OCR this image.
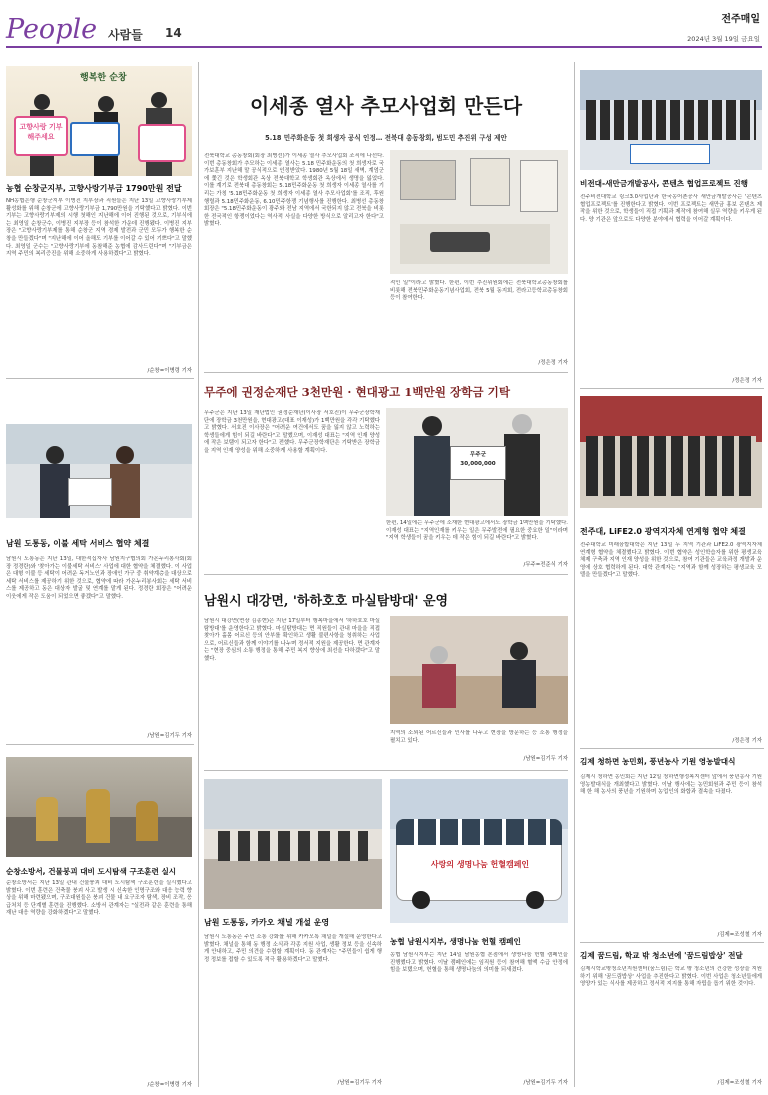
People 사람들 14
전주매일
2024년 3월 19일 금요일
행복한 순창
고향사랑 기부해주세요
농협 순창군지부, 고향사랑기부금 1790만원 전달
NH농협은행 순창군지부 이병진 지부장과 직원들은 지난 13일 고향사랑기부제 활성화를 위해 순창군에 고향사랑기부금 1,790만원을 기탁했다고 밝혔다. 이번 기부는 고향사랑기부제의 시행 첫해인 지난해에 이어 진행된 것으로, 기부식에는 최영일 순창군수, 이병진 지부장 등이 참석한 가운데 진행됐다. 이병진 지부장은 "고향사랑기부제를 통해 순창군 지역 경제 발전과 군민 모두가 행복한 순창을 만들겠다"며 "지난해에 이어 올해도 기부를 이어갈 수 있어 기쁘다"고 말했다. 최영일 군수는 "고향사랑기부에 동참해준 농협에 감사드린다"며 "기부금은 지역 주민의 복리증진을 위해 소중하게 사용하겠다"고 밝혔다.
/순창=이병령 기자
남원 도통동, 이불 세탁 서비스 협약 체결
남원시 도통동은 지난 13일, 대한적십자사 남원지구협의회 가온누리봉사회(회장 정경란)와 '찾아가는 이불세탁 서비스' 사업에 대한 협약을 체결했다. 이 사업은 대형 이불 등 세탁이 어려운 독거노인과 장애인 가구 중 취약계층을 대상으로 세탁 서비스를 제공하기 위한 것으로, 협약에 따라 가온누리봉사회는 세탁 서비스를 제공하고 동은 대상자 발굴 및 연계를 맡게 된다. 정경란 회장은 "어려운 이웃에게 작은 도움이 되었으면 좋겠다"고 말했다.
/남원=김기두 기자
순창소방서, 건물붕괴 대비 도시탐색 구조훈련 실시
순창소방서는 지난 13일 관내 건물붕괴 대비 도시탐색 구조훈련을 실시했다고 밝혔다. 이번 훈련은 건축물 붕괴 사고 발생 시 신속한 인명구조와 대응 능력 향상을 위해 마련됐으며, 구조대원들은 붕괴 건물 내 요구조자 탐색, 장비 조작, 응급처치 등 단계별 훈련을 진행했다. 소방서 관계자는 "실전과 같은 훈련을 통해 재난 대응 역량을 강화하겠다"고 말했다.
/순창=이병령 기자
이세종 열사 추모사업회 만든다
5.18 민주화운동 첫 희생자 공식 인정… 전북대 총동창회, 범도민 추진위 구성 제안
전북대학교 총동창회(회장 최병선)가 이세종 열사 추모사업회 조직에 나선다. 이번 총동창회가 추모하는 이세종 열사는 5.18 민주화운동의 첫 희생자로 국가보훈부 지난해 말 공식적으로 인정받았다. 1980년 5월 18일 새벽, 계엄군에 쫓긴 것은 학생회관 옥상 전북대학교 학생회관 옥상에서 생명을 잃었다. 이를 계기로 전북대 총동창회는 5.18민주화운동 첫 희생자 이세종 열사를 기리는 가칭 '5.18민주화운동 첫 희생자 이세종 열사 추모사업회'를 조직, 후원행렬과 5.18민주화운동, 6.10민주항쟁 기념행사를 진행한다. 최병선 총동창회장은 "5.18민주화운동이 광주와 전남 지역에서 국한되지 않고 전북을 비롯한 전국적인 항쟁이었다는 역사적 사실을 다양한 방식으로 알리고자 한다"고 밝혔다.
적인 일"이라고 밝혔다. 한편, 이번 추진위원회에는 전북대학교총동창회를 비롯해 전북민주화운동기념사업회, 전북 5월 동지회, 전라고등학교총동창회 등이 참여한다.
/정은정 기자
무주에 권정순재단 3천만원 · 현대광고 1백만원 장학금 기탁
무주군은 지난 13일 재단법인 권정순재단(이사장 서호진)이 무주군장학재단에 장학금 3천만원을, 현대광고(대표 이재성)가 1백만원을 각각 기탁했다고 밝혔다. 서호진 이사장은 "어려운 여건에서도 꿈을 잃지 않고 노력하는 학생들에게 힘이 되길 바란다"고 말했으며, 이재성 대표는 "지역 인재 양성에 작은 보탬이 되고자 한다"고 전했다. 무주군장학재단은 기탁받은 장학금을 지역 인재 양성을 위해 소중하게 사용할 계획이다.
무주군 30,000,000
한편, 14일에는 무주군에 소재한 현대광고에서도 장학금 1백만원을 기탁했다. 이재성 대표는 "지역인재를 키우는 일은 무주발전에 필요한 중요한 일"이라며 "지역 학생들이 꿈을 키우는 데 작은 힘이 되길 바란다"고 밝혔다.
/무주=전준식 기자
남원시 대강면, '하하호호 마실탐방대' 운영
남원시 대강면(면장 김종현)은 지난 17일부터 행복마을에서 '하하호호 마실탐방대'를 운영한다고 밝혔다. 마실탐방대는 면 직원들이 관내 마을을 직접 찾아가 홀몸 어르신 등의 안부를 확인하고 생활 불편사항을 청취하는 사업으로, 어르신들과 함께 이야기를 나누며 정서적 지원을 제공한다. 면 관계자는 "현장 중심의 소통 행정을 통해 주민 복지 향상에 최선을 다하겠다"고 말했다.
지역의 소외된 어르신들과 인사를 나누고 현장을 방문하는 등 소통 행정을 펼치고 있다.
/남원=김기두 기자
남원 도통동, 카카오 채널 개설 운영
남원시 도통동은 주민 소통 강화를 위해 카카오톡 채널을 개설해 운영한다고 밝혔다. 채널을 통해 동 행정 소식과 각종 지원 사업, 생활 정보 등을 신속하게 안내하고, 주민 의견을 수렴할 계획이다. 동 관계자는 "주민들이 쉽게 행정 정보를 접할 수 있도록 적극 활용하겠다"고 말했다.
/남원=김기두 기자
사랑의 생명나눔 헌혈캠페인
농협 남원시지부, 생명나눔 헌혈 캠페인
농협 남원시지부는 지난 14일 남원농협 본점에서 생명나눔 헌혈 캠페인을 진행했다고 밝혔다. 이날 캠페인에는 임직원 등이 참여해 혈액 수급 안정에 힘을 보탰으며, 헌혈을 통해 생명나눔의 의미를 되새겼다.
/남원=김기두 기자
비전대-새만금개발공사, 콘텐츠 협업프로젝트 진행
전주비전대학교 링크3.0사업단과 한국농어촌공사 새만금개발공사는 '콘텐츠 협업프로젝트'를 진행한다고 밝혔다. 이번 프로젝트는 새만금 홍보 콘텐츠 제작을 위한 것으로, 학생들이 직접 기획과 제작에 참여해 실무 역량을 키우게 된다. 양 기관은 앞으로도 다양한 분야에서 협력을 이어갈 계획이다.
/정은정 기자
전주대, LiFE2.0 광역지자체 연계형 협약 체결
전주대학교 미래융합대학은 지난 13일 두 지역 기관과 LiFE2.0 광역지자체 연계형 협약을 체결했다고 밝혔다. 이번 협약은 성인학습자를 위한 평생교육 체제 구축과 지역 인재 양성을 위한 것으로, 참여 기관들은 교육과정 개발과 운영에 상호 협력하게 된다. 대학 관계자는 "지역과 함께 성장하는 평생교육 모델을 만들겠다"고 말했다.
/정은정 기자
김제 청하면 농민회, 풍년농사 기원 영농발대식
김제시 청하면 농민회는 지난 12일 청하면행정복지센터 앞에서 풍년농사 기원 영농발대식을 개최했다고 밝혔다. 이날 행사에는 농민회원과 주민 등이 참석해 한 해 농사의 풍년을 기원하며 농업인의 화합과 결속을 다졌다.
/김제=조성철 기자
김제 꿈드림, 학교 밖 청소년에 '꿈드림밥상' 전달
김제시학교밖청소년지원센터(꿈드림)는 학교 밖 청소년의 건강한 성장을 지원하기 위해 '꿈드림밥상' 사업을 추진한다고 밝혔다. 이번 사업은 청소년들에게 영양가 있는 식사를 제공하고 정서적 지지를 통해 자립을 돕기 위한 것이다.
/김제=조성철 기자
